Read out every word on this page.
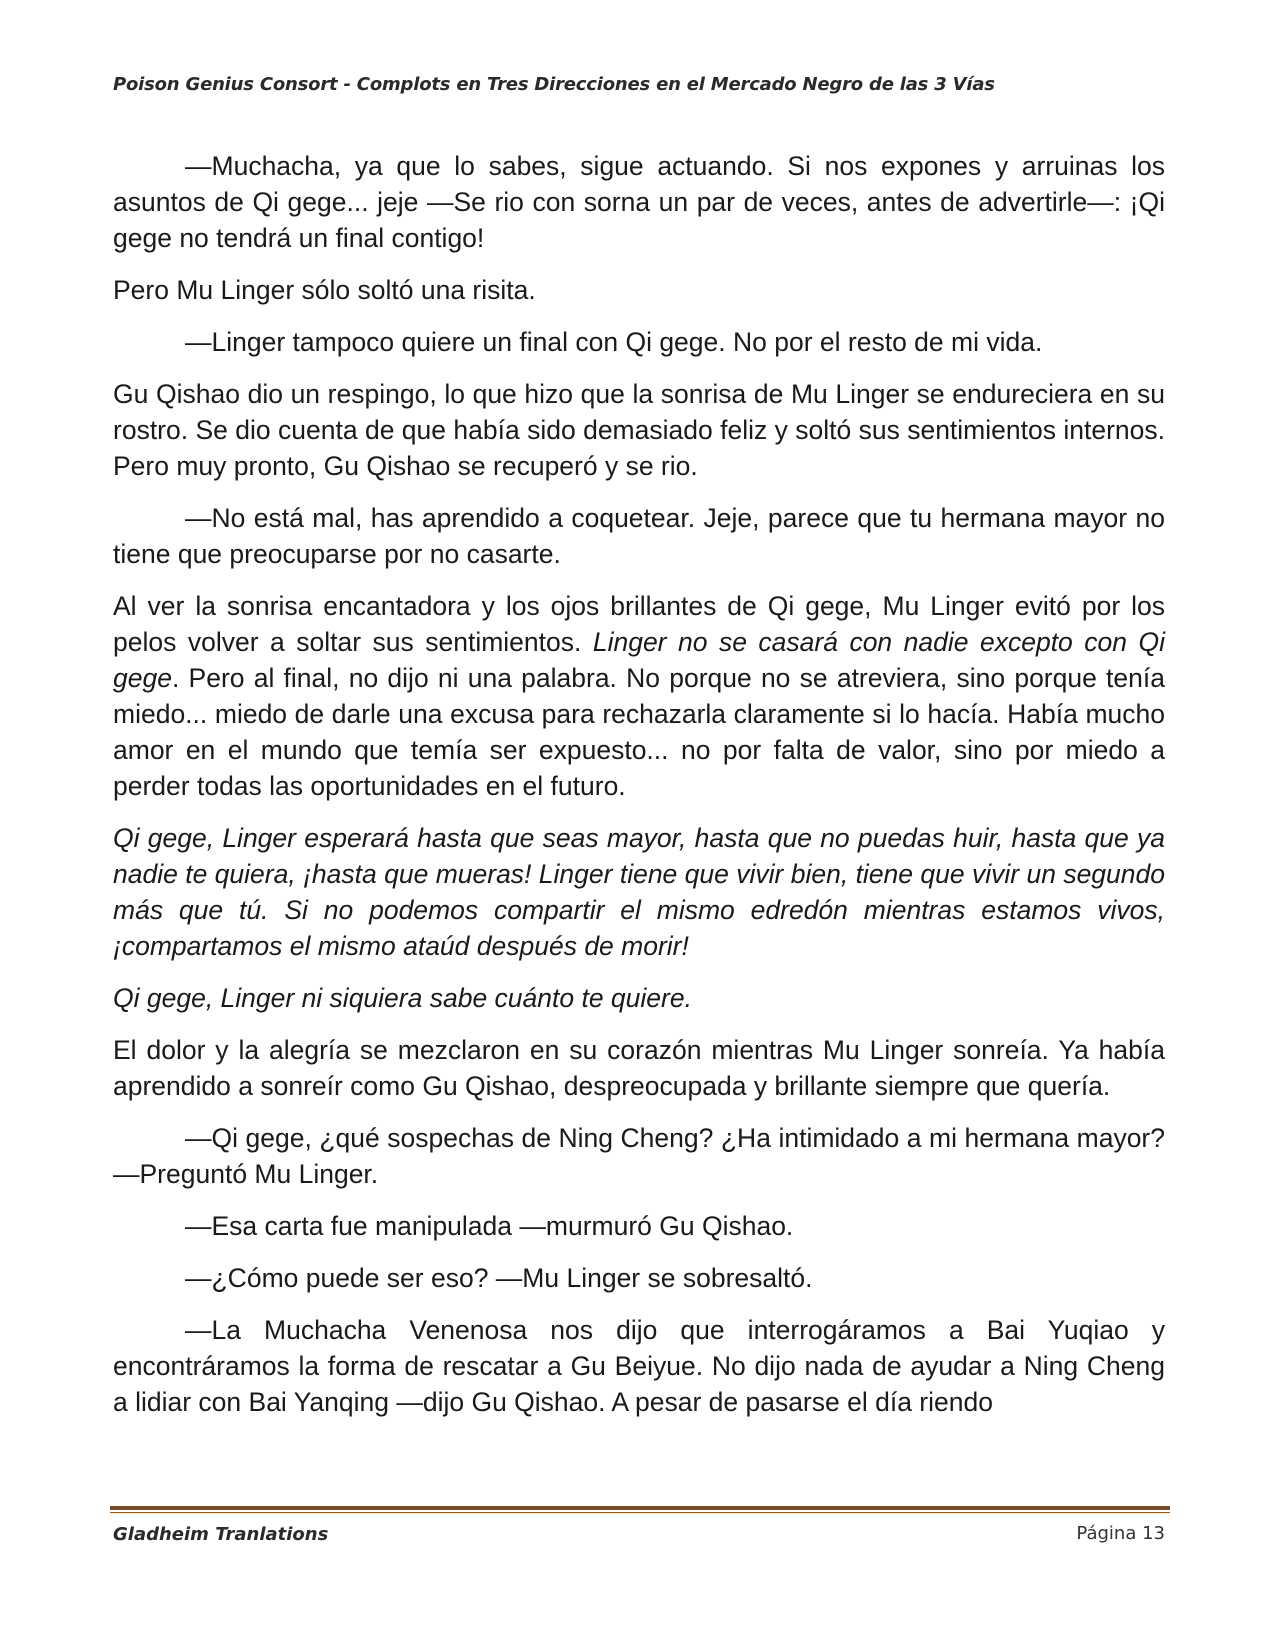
Poison Genius Consort - Complots en Tres Direcciones en el Mercado Negro de las 3 Vías

—Muchacha, ya que lo sabes, sigue actuando. Si nos expones y arruinas los asuntos de Qi gege... jeje —Se rio con sorna un par de veces, antes de advertirle—: ¡Qi gege no tendrá un final contigo!

Pero Mu Linger sólo soltó una risita.

—Linger tampoco quiere un final con Qi gege. No por el resto de mi vida.

Gu Qishao dio un respingo, lo que hizo que la sonrisa de Mu Linger se endureciera en su rostro. Se dio cuenta de que había sido demasiado feliz y soltó sus sentimientos internos. Pero muy pronto, Gu Qishao se recuperó y se rio.

—No está mal, has aprendido a coquetear. Jeje, parece que tu hermana mayor no tiene que preocuparse por no casarte.

Al ver la sonrisa encantadora y los ojos brillantes de Qi gege, Mu Linger evitó por los pelos volver a soltar sus sentimientos. Linger no se casará con nadie excepto con Qi gege. Pero al final, no dijo ni una palabra. No porque no se atreviera, sino porque tenía miedo... miedo de darle una excusa para rechazarla claramente si lo hacía. Había mucho amor en el mundo que temía ser expuesto... no por falta de valor, sino por miedo a perder todas las oportunidades en el futuro.

Qi gege, Linger esperará hasta que seas mayor, hasta que no puedas huir, hasta que ya nadie te quiera, ¡hasta que mueras! Linger tiene que vivir bien, tiene que vivir un segundo más que tú. Si no podemos compartir el mismo edredón mientras estamos vivos, ¡compartamos el mismo ataúd después de morir!

Qi gege, Linger ni siquiera sabe cuánto te quiere.

El dolor y la alegría se mezclaron en su corazón mientras Mu Linger sonreía. Ya había aprendido a sonreír como Gu Qishao, despreocupada y brillante siempre que quería.

—Qi gege, ¿qué sospechas de Ning Cheng? ¿Ha intimidado a mi hermana mayor? —Preguntó Mu Linger.

—Esa carta fue manipulada —murmuró Gu Qishao.

—¿Cómo puede ser eso? —Mu Linger se sobresaltó.

—La Muchacha Venenosa nos dijo que interrogáramos a Bai Yuqiao y encontráramos la forma de rescatar a Gu Beiyue. No dijo nada de ayudar a Ning Cheng a lidiar con Bai Yanqing —dijo Gu Qishao. A pesar de pasarse el día riendo

Gladheim Tranlations	Página 13
